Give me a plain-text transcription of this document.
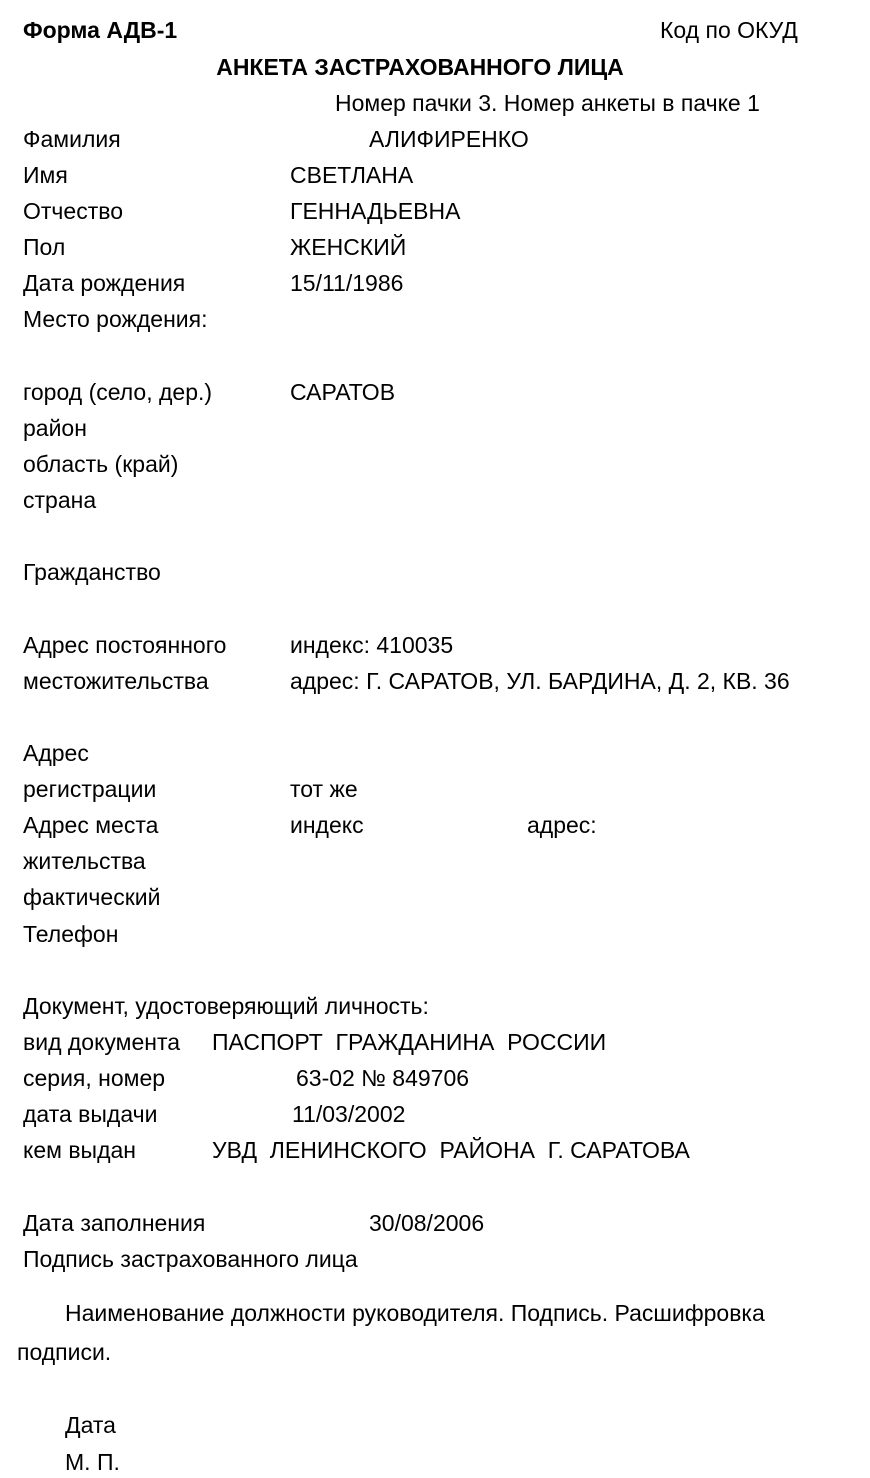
Форма АДВ-1	Код по ОКУД
АНКЕТА ЗАСТРАХОВАННОГО ЛИЦА
Номер пачки 3. Номер анкеты в пачке 1
Фамилия	АЛИФИРЕНКО
Имя	СВЕТЛАНА
Отчество	ГЕННАДЬЕВНА
Пол	ЖЕНСКИЙ
Дата рождения	15/11/1986
Место рождения:
город (село, дер.)	САРАТОВ
район
область (край)
страна
Гражданство
Адрес постоянного	индекс: 410035
местожительства	адрес: Г. САРАТОВ, УЛ. БАРДИНА, Д. 2, КВ. 36
Адрес
регистрации	тот же
Адрес места	индекс	адрес:
жительства
фактический
Телефон
Документ, удостоверяющий личность:
вид документа ПАСПОРТ  ГРАЖДАНИНА  РОССИИ
серия, номер	63-02 № 849706
дата выдачи	11/03/2002
кем выдан	УВД  ЛЕНИНСКОГО  РАЙОНА  Г. САРАТОВА
Дата заполнения	30/08/2006
Подпись застрахованного лица
Наименование должности руководителя. Подпись. Расшифровка
подписи.
Дата
М. П.
